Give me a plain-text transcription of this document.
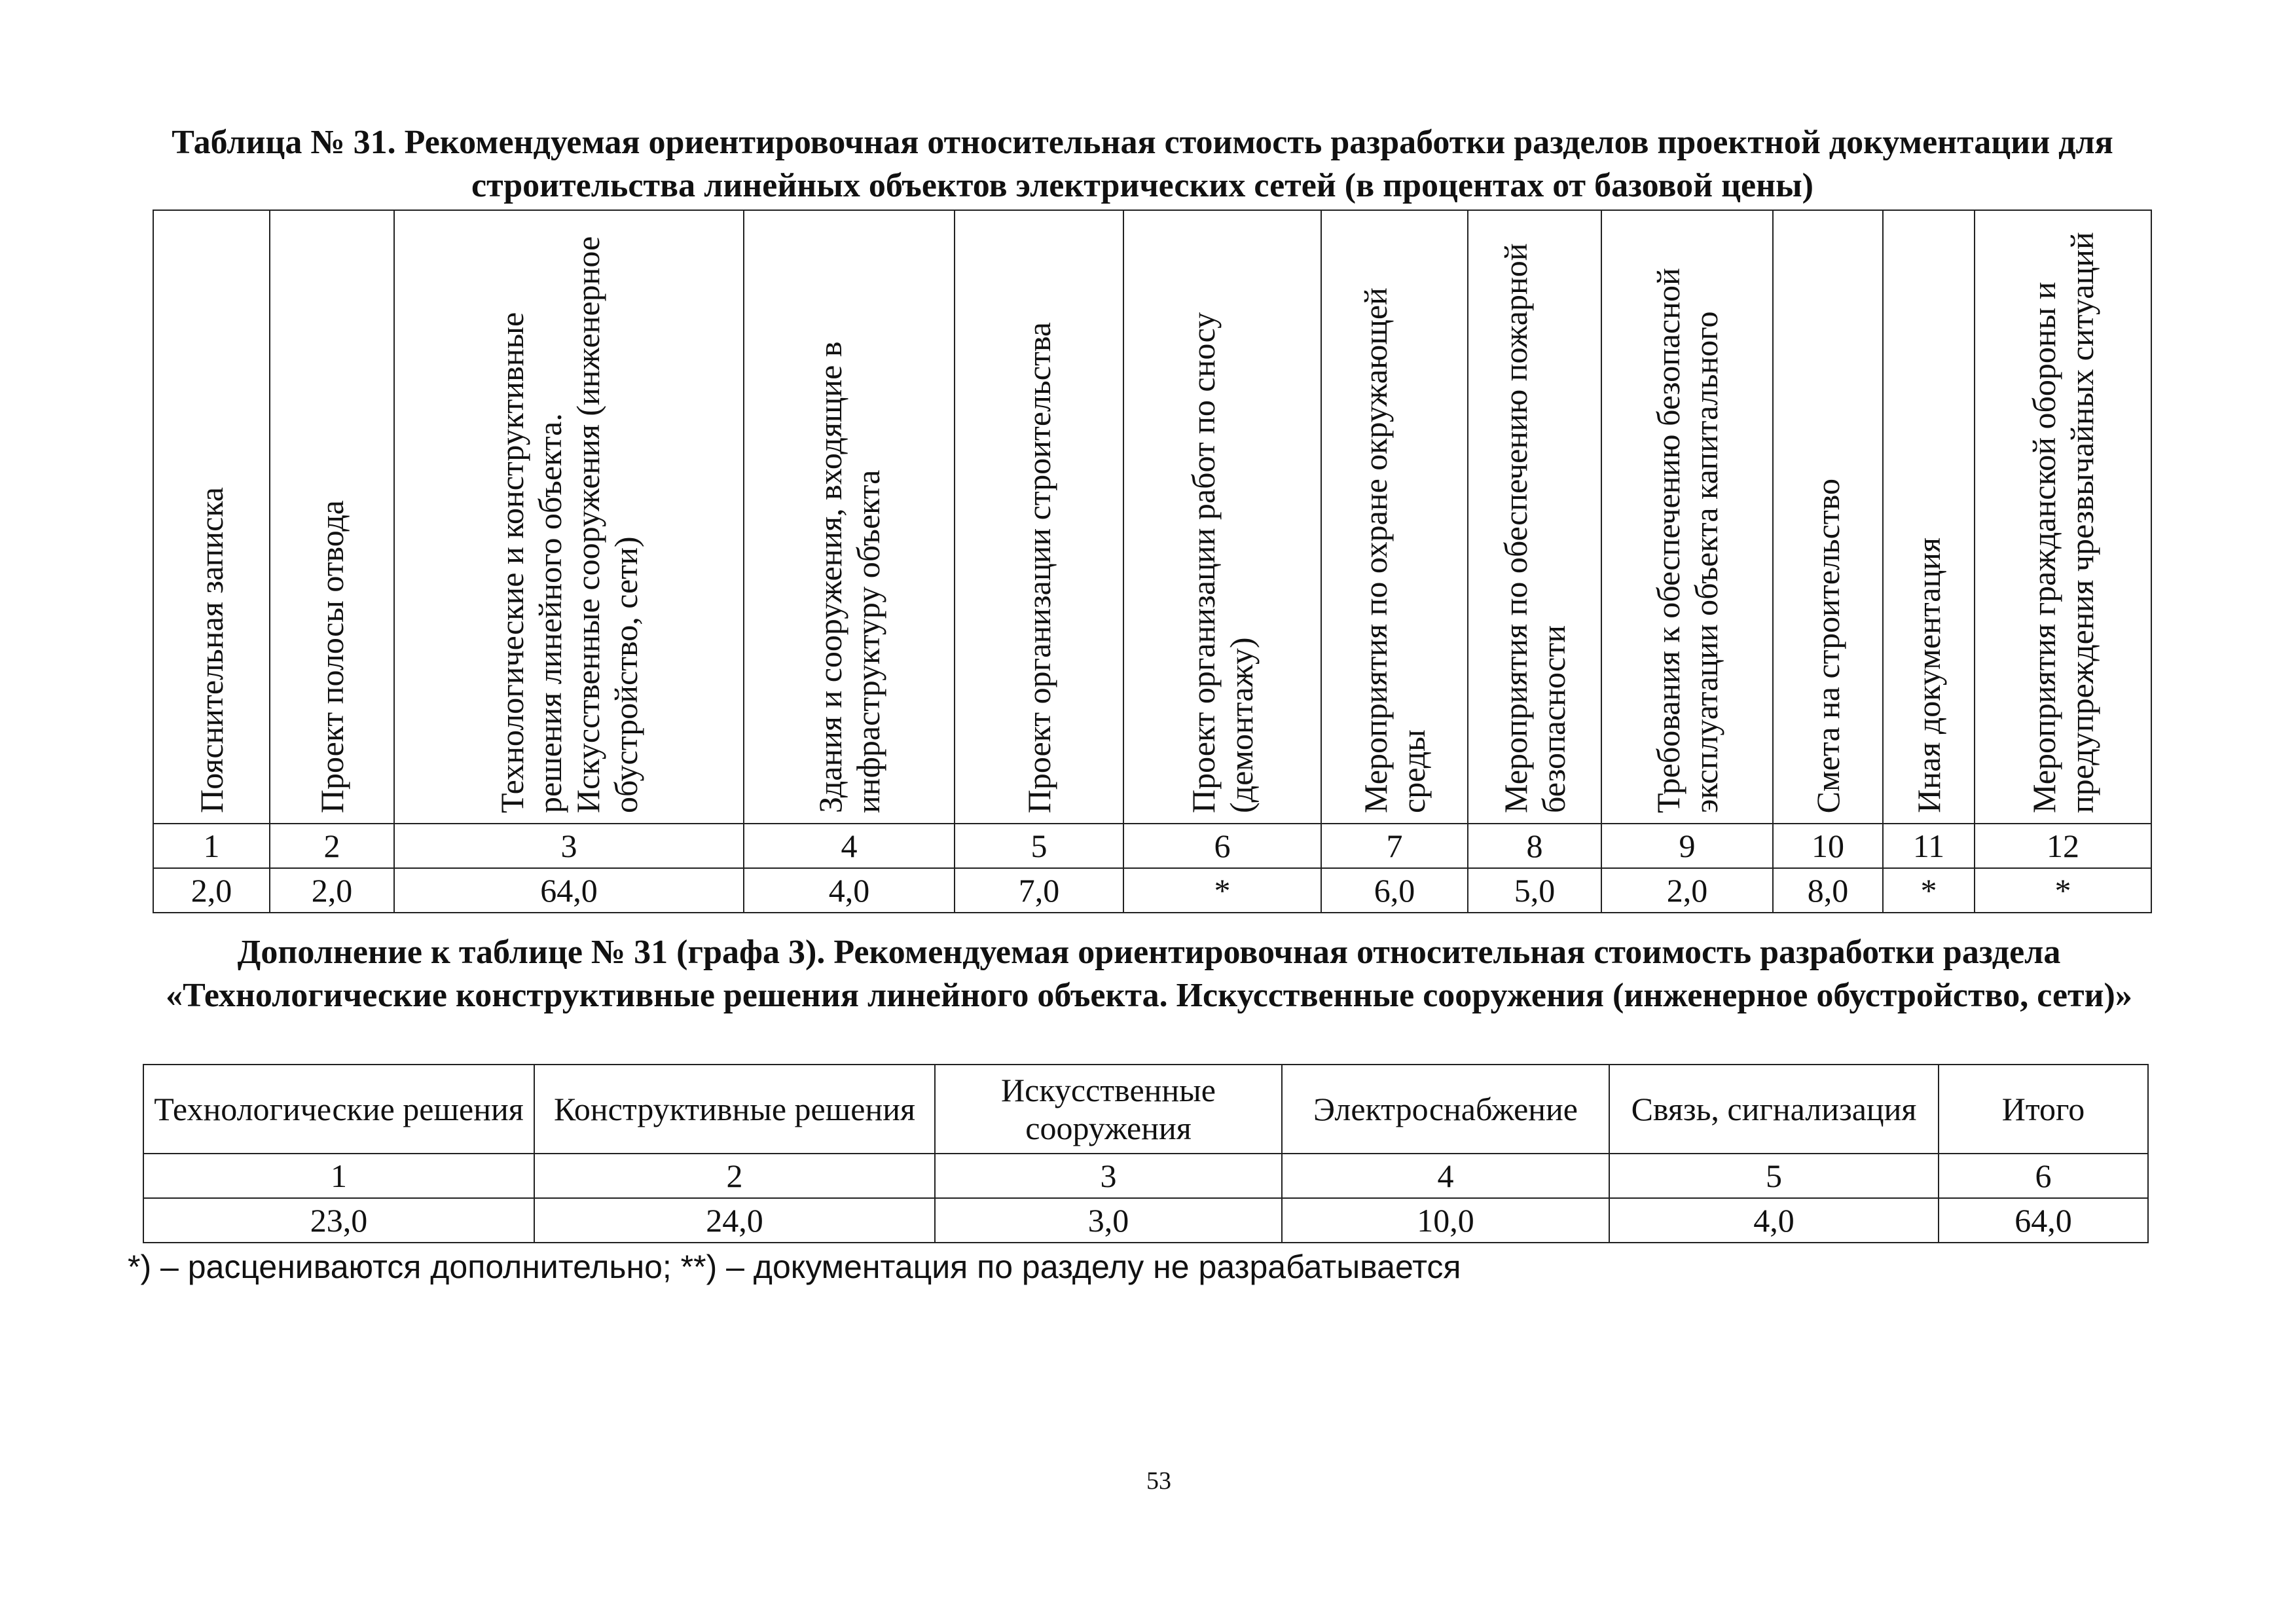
Таблица № 31. Рекомендуемая ориентировочная относительная стоимость разработки разделов проектной документации для строительства линейных объектов электрических сетей (в процентах от базовой цены)
Пояснительная записка	Проект полосы отвода	Технологические и конструктивные решения линейного объекта. Искусственные сооружения (инженерное обустройство, сети)	Здания и сооружения, входящие в инфраструктуру объекта	Проект организации строительства	Проект организации работ по сносу (демонтажу)	Мероприятия по охране окружающей среды	Мероприятия по обеспечению пожарной безопасности	Требования к обеспечению безопасной эксплуатации объекта капитального	Смета на строительство	Иная документация	Мероприятия гражданской обороны и предупреждения чрезвычайных ситуаций
1	2	3	4	5	6	7	8	9	10	11	12
2,0	2,0	64,0	4,0	7,0	*	6,0	5,0	2,0	8,0	*	*
Дополнение к таблице № 31 (графа 3). Рекомендуемая ориентировочная относительная стоимость разработки раздела «Технологические конструктивные решения линейного объекта. Искусственные сооружения (инженерное обустройство, сети)»
Технологические решения	Конструктивные решения	Искусственные сооружения	Электроснабжение	Связь, сигнализация	Итого
1	2	3	4	5	6
23,0	24,0	3,0	10,0	4,0	64,0
*) – расцениваются дополнительно; **) – документация по разделу не разрабатывается
53
